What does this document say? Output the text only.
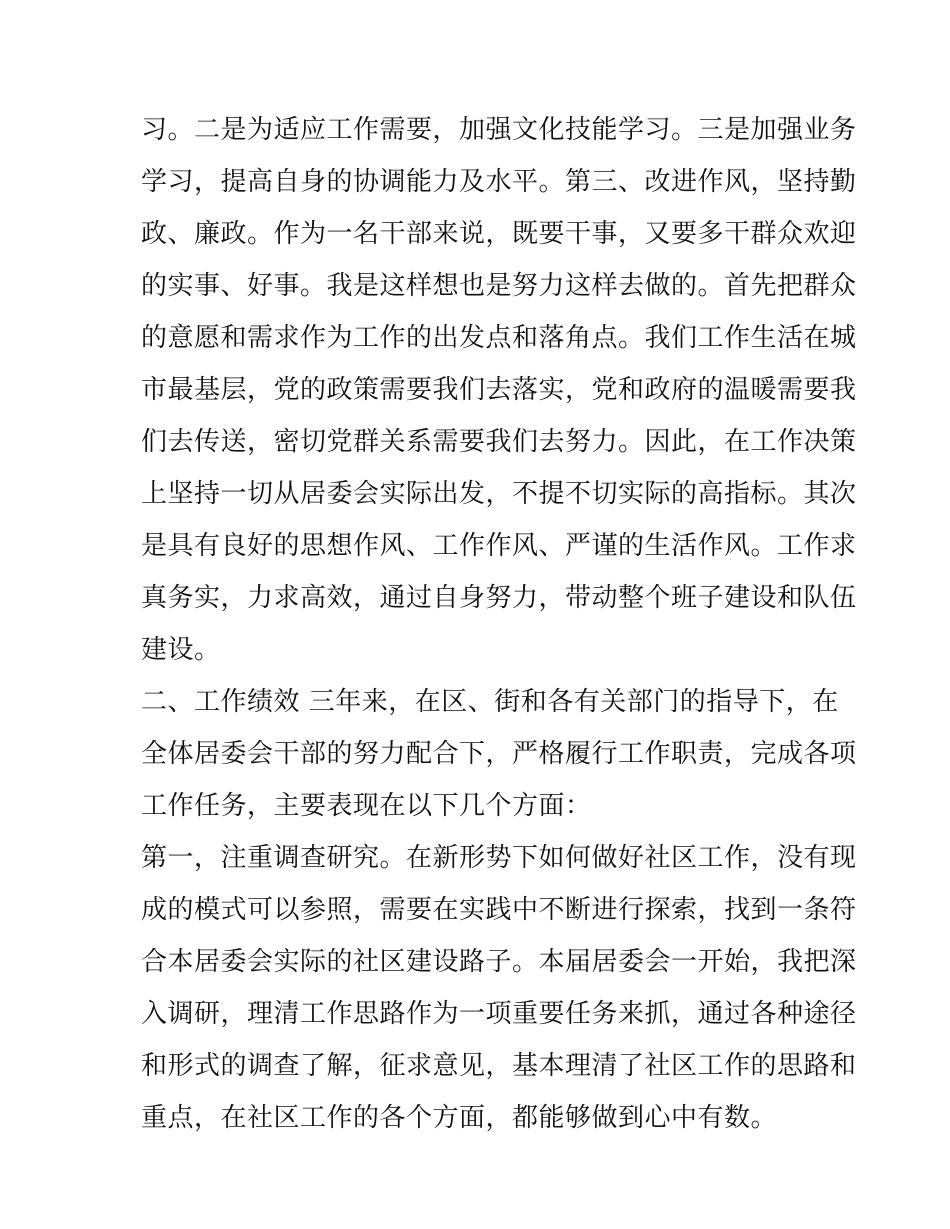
习。二是为适应工作需要，加强文化技能学习。三是加强业务
学习，提高自身的协调能力及水平。第三、改进作风，坚持勤
政、廉政。作为一名干部来说，既要干事，又要多干群众欢迎
的实事、好事。我是这样想也是努力这样去做的。首先把群众
的意愿和需求作为工作的出发点和落角点。我们工作生活在城
市最基层，党的政策需要我们去落实，党和政府的温暖需要我
们去传送，密切党群关系需要我们去努力。因此，在工作决策
上坚持一切从居委会实际出发，不提不切实际的高指标。其次
是具有良好的思想作风、工作作风、严谨的生活作风。工作求
真务实，力求高效，通过自身努力，带动整个班子建设和队伍
建设。
二、工作绩效 三年来，在区、街和各有关部门的指导下，在
全体居委会干部的努力配合下，严格履行工作职责，完成各项
工作任务，主要表现在以下几个方面：
第一，注重调查研究。在新形势下如何做好社区工作，没有现
成的模式可以参照，需要在实践中不断进行探索，找到一条符
合本居委会实际的社区建设路子。本届居委会一开始，我把深
入调研，理清工作思路作为一项重要任务来抓，通过各种途径
和形式的调查了解，征求意见，基本理清了社区工作的思路和
重点，在社区工作的各个方面，都能够做到心中有数。
